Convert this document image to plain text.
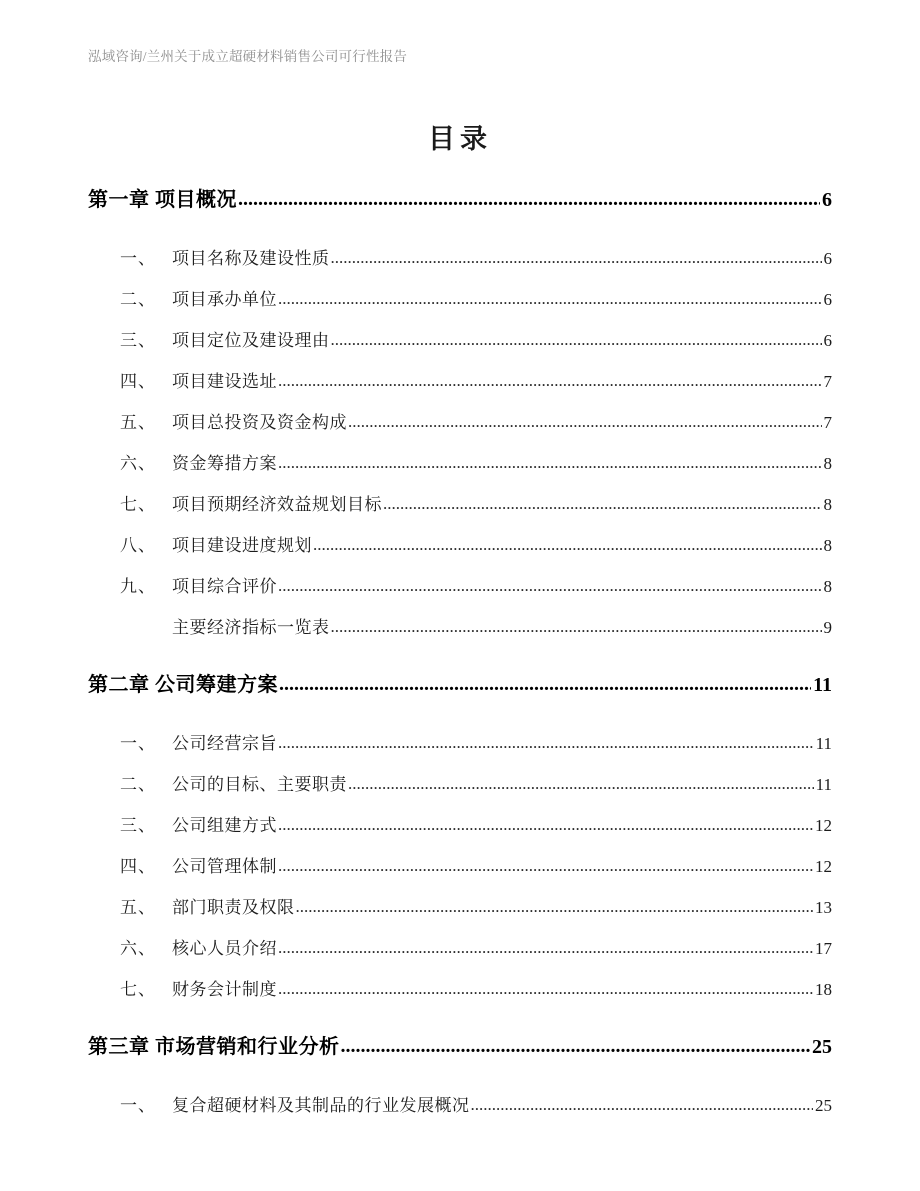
泓域咨询/兰州关于成立超硬材料销售公司可行性报告
目录
第一章 项目概况 .....	6
一、 项目名称及建设性质 .....	6
二、 项目承办单位 .....	6
三、 项目定位及建设理由 .....	6
四、 项目建设选址 .....	7
五、 项目总投资及资金构成 .....	7
六、 资金筹措方案 .....	8
七、 项目预期经济效益规划目标 .....	8
八、 项目建设进度规划 .....	8
九、 项目综合评价 .....	8
主要经济指标一览表 .....	9
第二章 公司筹建方案 .....	11
一、 公司经营宗旨 .....	11
二、 公司的目标、主要职责 .....	11
三、 公司组建方式 .....	12
四、 公司管理体制 .....	12
五、 部门职责及权限 .....	13
六、 核心人员介绍 .....	17
七、 财务会计制度 .....	18
第三章 市场营销和行业分析 .....	25
一、 复合超硬材料及其制品的行业发展概况 .....	25
